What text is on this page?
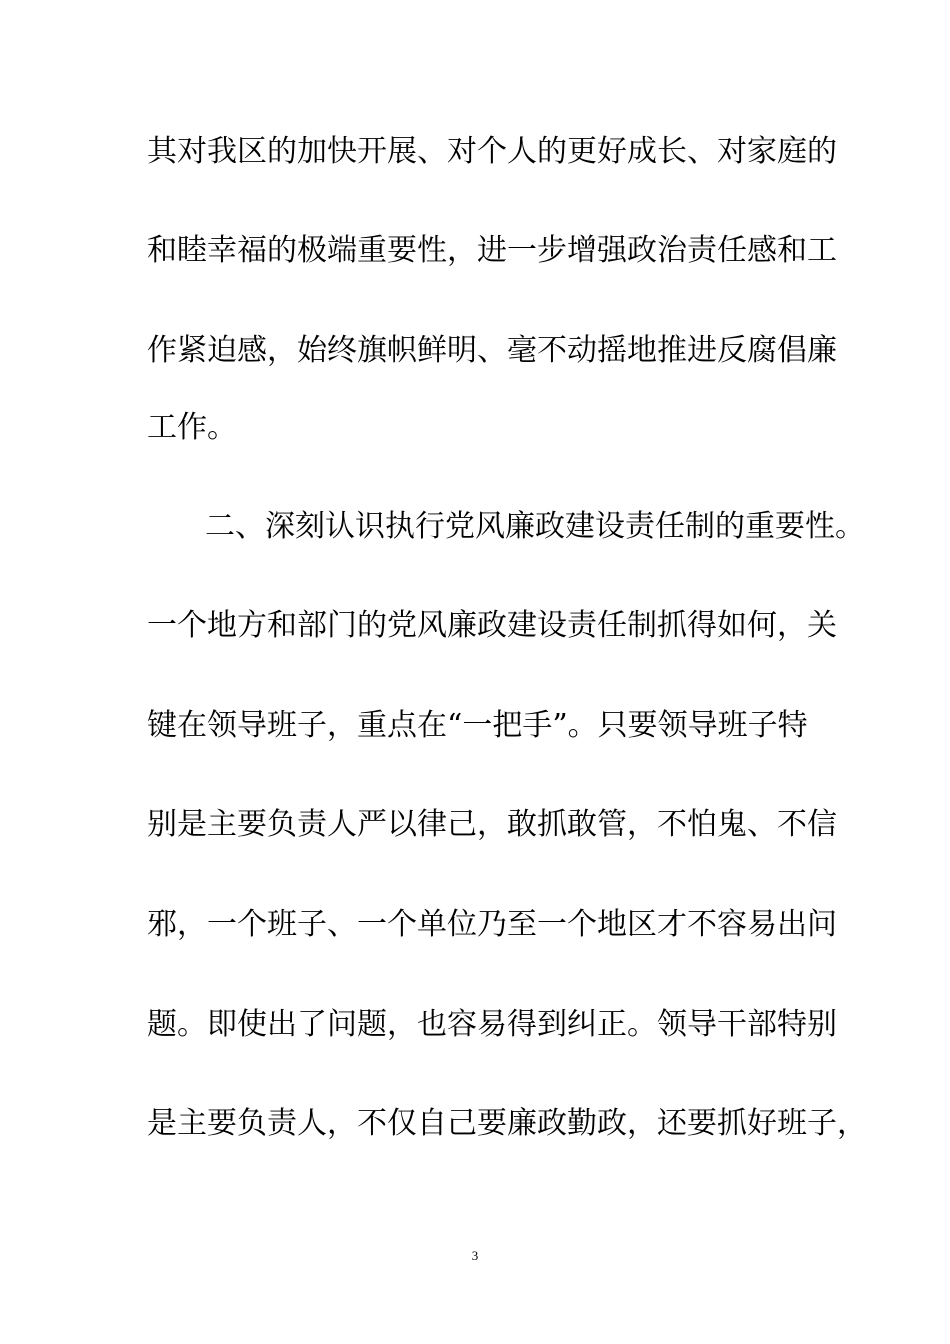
其对我区的加快开展、对个人的更好成长、对家庭的
和睦幸福的极端重要性，进一步增强政治责任感和工
作紧迫感，始终旗帜鲜明、毫不动摇地推进反腐倡廉
工作。
二、深刻认识执行党风廉政建设责任制的重要性。
一个地方和部门的党风廉政建设责任制抓得如何，关
键在领导班子，重点在“一把手”。只要领导班子特
别是主要负责人严以律己，敢抓敢管，不怕鬼、不信
邪，一个班子、一个单位乃至一个地区才不容易出问
题。即使出了问题，也容易得到纠正。领导干部特别
是主要负责人，不仅自己要廉政勤政，还要抓好班子，
3
